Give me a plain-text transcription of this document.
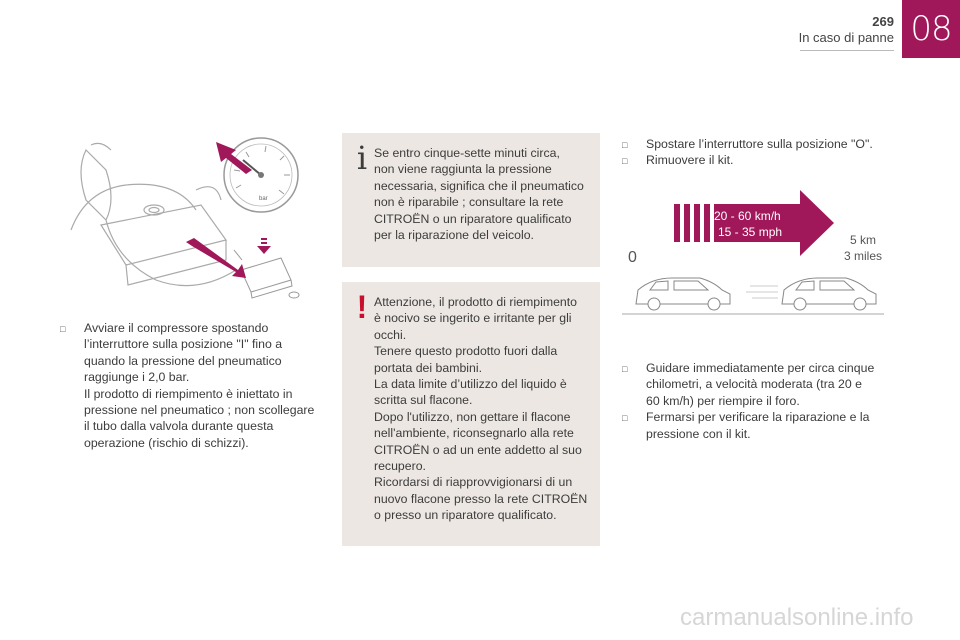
269
In caso di panne 08
bar
□ Avviare il compressore spostando
l’interruttore sulla posizione "I" fino a
quando la pressione del pneumatico
raggiunge i 2,0 bar.
Il prodotto di riempimento è iniettato in
pressione nel pneumatico ; non scollegare
il tubo dalla valvola durante questa
operazione (rischio di schizzi).
i Se entro cinque-sette minuti circa,
non viene raggiunta la pressione
necessaria, significa che il pneumatico
non è riparabile ; consultare la rete
CITROËN o un riparatore qualificato
per la riparazione del veicolo.
! Attenzione, il prodotto di riempimento
è nocivo se ingerito e irritante per gli
occhi.
Tenere questo prodotto fuori dalla
portata dei bambini.
La data limite d’utilizzo del liquido è
scritta sul flacone.
Dopo l'utilizzo, non gettare il flacone
nell'ambiente, riconsegnarlo alla rete
CITROËN o ad un ente addetto al suo
recupero.
Ricordarsi di riapprovvigionarsi di un
nuovo flacone presso la rete CITROËN
o presso un riparatore qualificato.
□ Spostare l’interruttore sulla posizione "O".
□ Rimuovere il kit.
20 - 60 km/h
15 - 35 mph
5 km
3 miles
0
□ Guidare immediatamente per circa cinque
chilometri, a velocità moderata (tra 20 e
60 km/h) per riempire il foro.
□ Fermarsi per verificare la riparazione e la
pressione con il kit.
carmanualsonline.info
